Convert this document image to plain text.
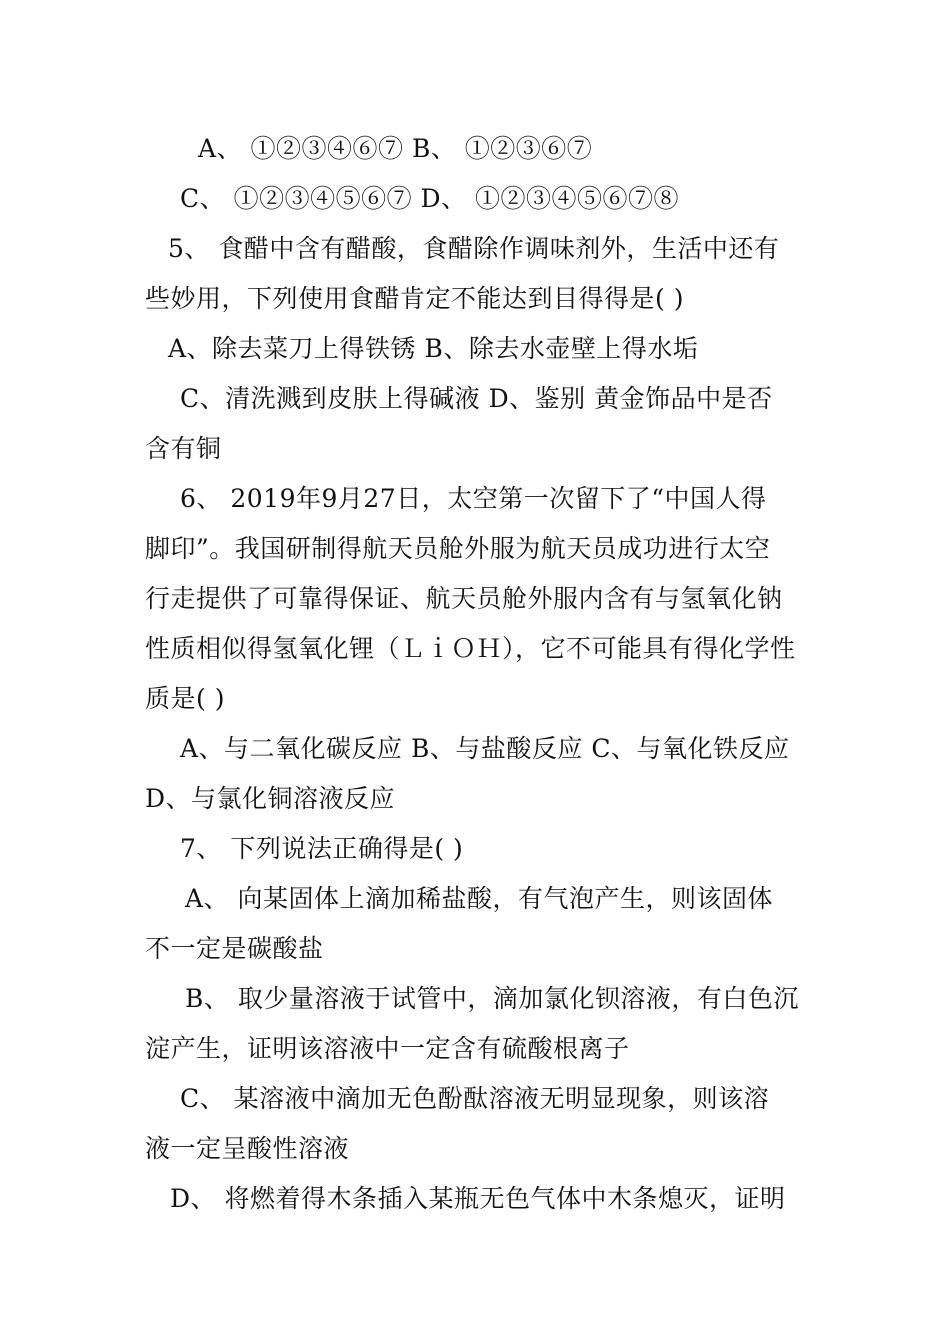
A、 ①②③④⑥⑦ B、 ①②③⑥⑦
C、 ①②③④⑤⑥⑦ D、 ①②③④⑤⑥⑦⑧
5、 食醋中含有醋酸，食醋除作调味剂外，生活中还有
些妙用，下列使用食醋肯定不能达到目得得是( )
A、除去菜刀上得铁锈 B、除去水壶壁上得水垢
C、清洗溅到皮肤上得碱液 D、鉴别 黄金饰品中是否
含有铜
6、 2019年9月27日，太空第一次留下了“中国人得
脚印”。我国研制得航天员舱外服为航天员成功进行太空
行走提供了可靠得保证、航天员舱外服内含有与氢氧化钠
性质相似得氢氧化锂（ＬｉＯＨ），它不可能具有得化学性
质是( )
A、与二氧化碳反应 B、与盐酸反应 C、与氧化铁反应
D、与氯化铜溶液反应
7、 下列说法正确得是( )
A、 向某固体上滴加稀盐酸，有气泡产生，则该固体
不一定是碳酸盐
B、 取少量溶液于试管中，滴加氯化钡溶液，有白色沉
淀产生，证明该溶液中一定含有硫酸根离子
C、 某溶液中滴加无色酚酞溶液无明显现象，则该溶
液一定呈酸性溶液
D、 将燃着得木条插入某瓶无色气体中木条熄灭，证明
